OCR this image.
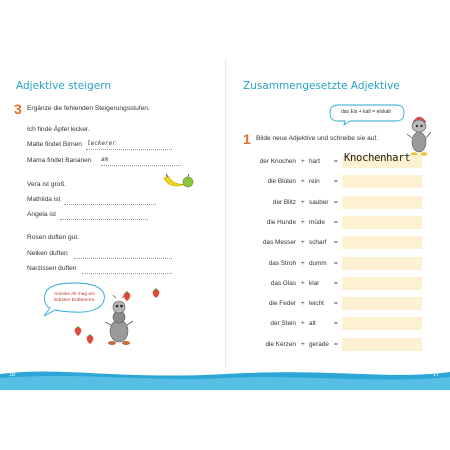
Adjektive steigern
3 Ergänze die fehlenden Steigerungsstufen.
Ich finde Äpfel lecker.
Malte findet Birnen leckerer
Mama findet Bananen am
Vera ist groß.
Mathilda ist
Angela ist
Rosen duften gut.
Nelken duften
Narzissen duften
Ameise Ali mag am liebsten Erdbeeren.
Zusammengesetzte Adjektive
das Eis + kalt = eiskalt
1 Bilde neue Adjektive und schreibe sie auf.
der Knochen + hart = Knochenhart
die Blüten + rein =
der Blitz + sauber =
die Hunde + müde =
das Messer + scharf =
das Stroh + dumm =
das Glas + klar =
die Feder + leicht =
der Stein + alt	=
die Kerzen + gerade =
18	17
